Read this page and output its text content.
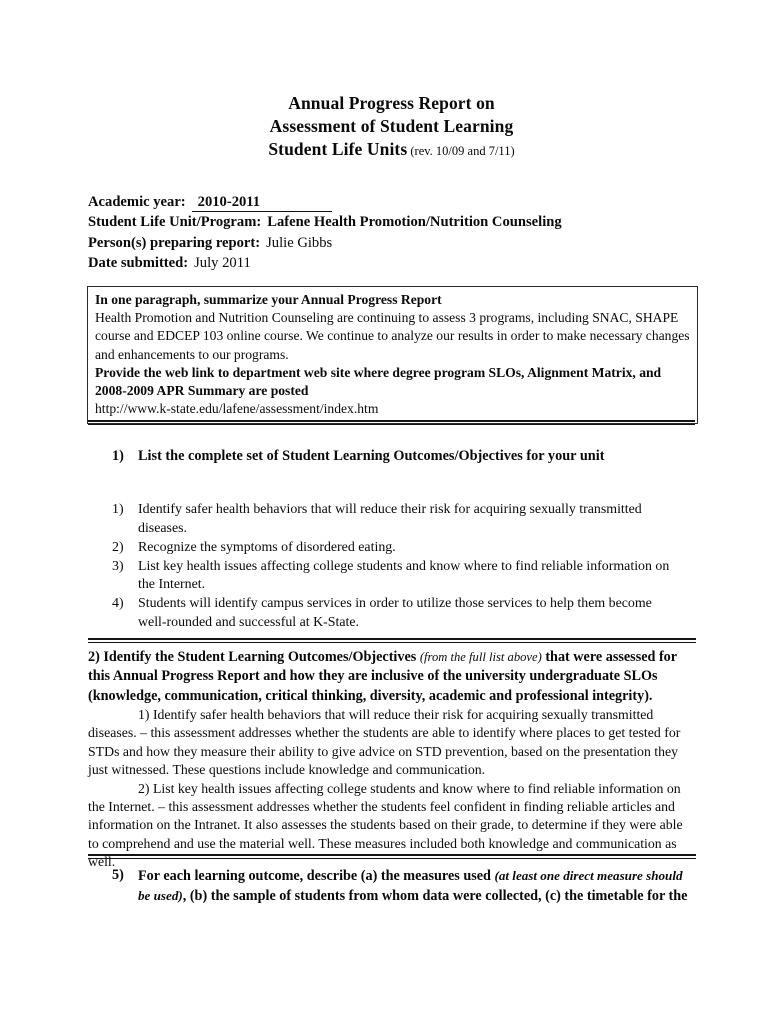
Annual Progress Report on
Assessment of Student Learning
Student Life Units (rev. 10/09 and 7/11)
Academic year: 2010-2011
Student Life Unit/Program: Lafene Health Promotion/Nutrition Counseling
Person(s) preparing report: Julie Gibbs
Date submitted: July 2011

In one paragraph, summarize your Annual Progress Report

Health Promotion and Nutrition Counseling are continuing to assess 3 programs, including SNAC, SHAPE course and EDCEP 103 online course. We continue to analyze our results in order to make necessary changes and enhancements to our programs.

Provide the web link to department web site where degree program SLOs, Alignment Matrix, and 2008-2009 APR Summary are posted

http://www.k-state.edu/lafene/assessment/index.htm

1) List the complete set of Student Learning Outcomes/Objectives for your unit
1) Identify safer health behaviors that will reduce their risk for acquiring sexually transmitted diseases.
2) Recognize the symptoms of disordered eating.
3) List key health issues affecting college students and know where to find reliable information on the Internet.
4) Students will identify campus services in order to utilize those services to help them become well-rounded and successful at K-State.
2) Identify the Student Learning Outcomes/Objectives (from the full list above) that were assessed for this Annual Progress Report and how they are inclusive of the university undergraduate SLOs (knowledge, communication, critical thinking, diversity, academic and professional integrity).

1) Identify safer health behaviors that will reduce their risk for acquiring sexually transmitted diseases. – this assessment addresses whether the students are able to identify where places to get tested for STDs and how they measure their ability to give advice on STD prevention, based on the presentation they just witnessed. These questions include knowledge and communication.

2) List key health issues affecting college students and know where to find reliable information on the Internet. – this assessment addresses whether the students feel confident in finding reliable articles and information on the Intranet. It also assesses the students based on their grade, to determine if they were able to comprehend and use the material well. These measures included both knowledge and communication as well.

5) For each learning outcome, describe (a) the measures used (at least one direct measure should be used), (b) the sample of students from whom data were collected, (c) the timetable for the
